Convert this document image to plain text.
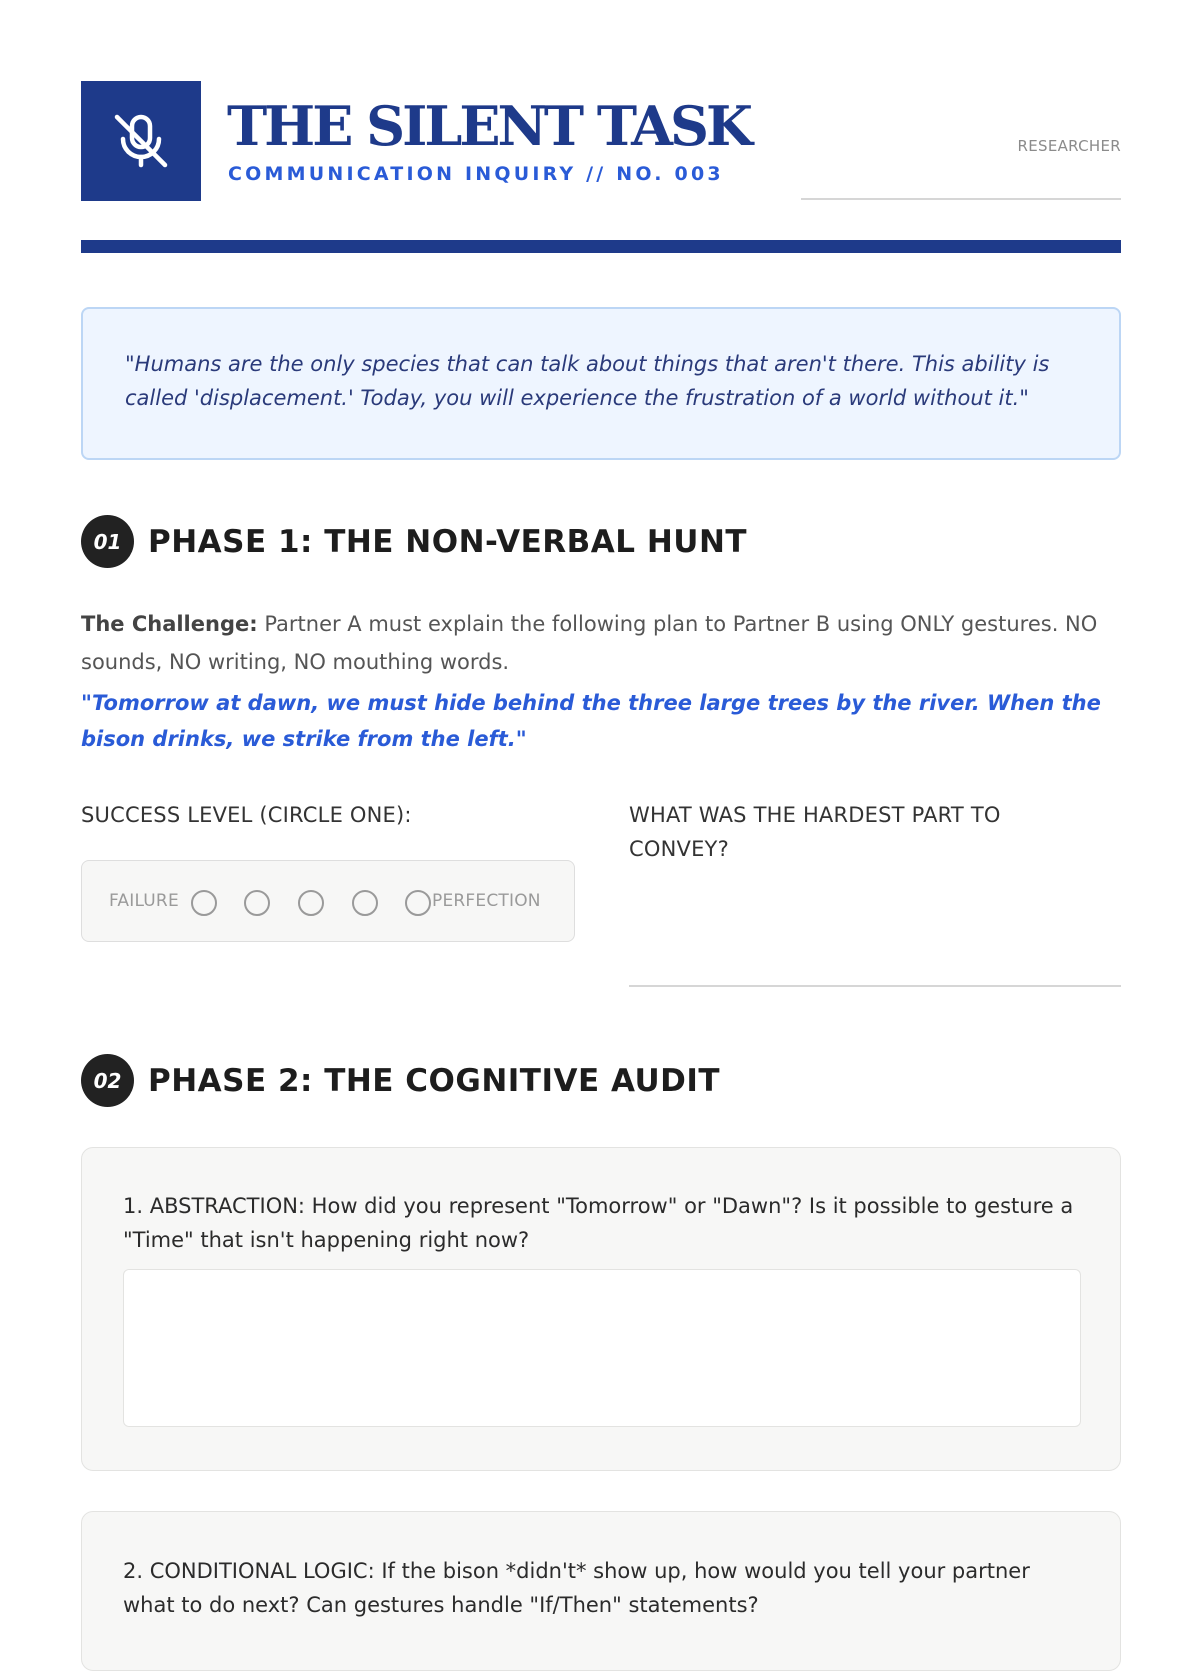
THE SILENT TASK
COMMUNICATION INQUIRY // NO. 003
RESEARCHER
"Humans are the only species that can talk about things that aren't there. This ability is called 'displacement.' Today, you will experience the frustration of a world without it."
01 PHASE 1: THE NON-VERBAL HUNT
The Challenge: Partner A must explain the following plan to Partner B using ONLY gestures. NO sounds, NO writing, NO mouthing words.
"Tomorrow at dawn, we must hide behind the three large trees by the river. When the bison drinks, we strike from the left."
SUCCESS LEVEL (CIRCLE ONE):
FAILURE	PERFECTION
WHAT WAS THE HARDEST PART TO CONVEY?
02 PHASE 2: THE COGNITIVE AUDIT
1. ABSTRACTION: How did you represent "Tomorrow" or "Dawn"? Is it possible to gesture a "Time" that isn't happening right now?
2. CONDITIONAL LOGIC: If the bison *didn't* show up, how would you tell your partner what to do next? Can gestures handle "If/Then" statements?
